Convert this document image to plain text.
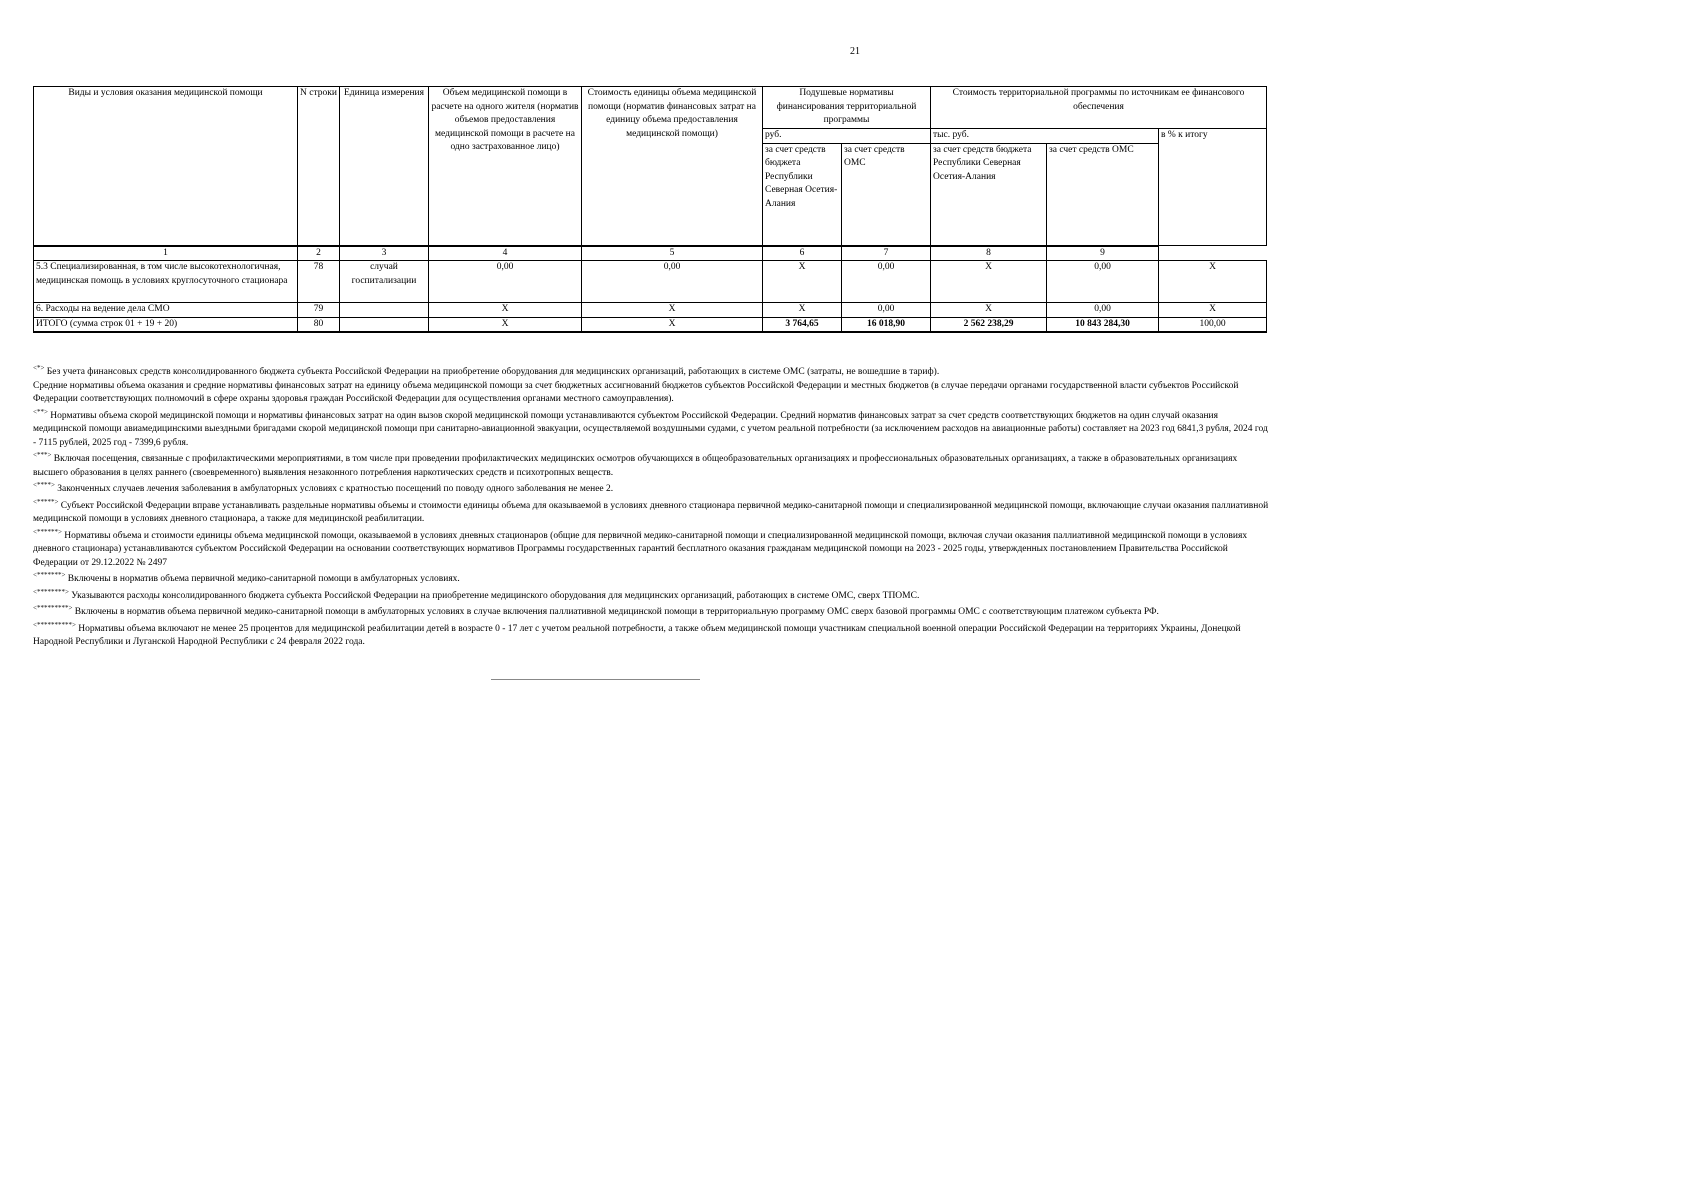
21
Виды и условия оказания медицинской помощи	N строки	Единица измерения	Объем медицинской помощи в расчете на одного жителя (норматив объемов предоставления медицинской помощи в расчете на одно застрахованное лицо)	Стоимость единицы объема медицинской помощи (норматив финансовых затрат на единицу объема предоставления медицинской помощи)	Подушевые нормативы финансирования территориальной программы		Стоимость территориальной программы по источникам ее финансового обеспечения		
					руб.		тыс. руб.		в % к итогу
					за счет средств бюджета Республики Северная Осетия-Алания	за счет средств ОМС	за счет средств бюджета Республики Северная Осетия-Алания	за счет средств ОМС	
1	2	3	4	5	6	7	8	9	
5.3 Специализированная, в том числе высокотехнологичная, медицинская помощь в условиях круглосуточного стационара	78	случай госпитализации	0,00	0,00	X	0,00	X	0,00	X
6. Расходы на ведение дела СМО	79		X	X	X	0,00	X	0,00	X
ИТОГО (сумма строк 01 + 19 + 20)	80		X	X	3 764,65	16 018,90	2 562 238,29	10 843 284,30	100,00

<*> Без учета финансовых средств консолидированного бюджета субъекта Российской Федерации на приобретение оборудования для медицинских организаций, работающих в системе ОМС (затраты, не вошедшие в тариф).

Средние нормативы объема оказания и средние нормативы финансовых затрат на единицу объема медицинской помощи за счет бюджетных ассигнований бюджетов субъектов Российской Федерации и местных бюджетов (в случае передачи органами государственной власти субъектов Российской Федерации соответствующих полномочий в сфере охраны здоровья граждан Российской Федерации для осуществления органами местного самоуправления).

<**> Нормативы объема скорой медицинской помощи и нормативы финансовых затрат на один вызов скорой медицинской помощи устанавливаются субъектом Российской Федерации. Средний норматив финансовых затрат за счет средств соответствующих бюджетов на один случай оказания медицинской помощи авиамедицинскими выездными бригадами скорой медицинской помощи при санитарно-авиационной эвакуации, осуществляемой воздушными судами, с учетом реальной потребности (за исключением расходов на авиационные работы) составляет на 2023 год 6841,3 рубля, 2024 год - 7115 рублей, 2025 год - 7399,6 рубля.

<***> Включая посещения, связанные с профилактическими мероприятиями, в том числе при проведении профилактических медицинских осмотров обучающихся в общеобразовательных организациях и профессиональных образовательных организациях, а также в образовательных организациях высшего образования в целях раннего (своевременного) выявления незаконного потребления наркотических средств и психотропных веществ.

<****> Законченных случаев лечения заболевания в амбулаторных условиях с кратностью посещений по поводу одного заболевания не менее 2.

<*****> Субъект Российской Федерации вправе устанавливать раздельные нормативы объемы и стоимости единицы объема для оказываемой в условиях дневного стационара первичной медико-санитарной помощи и специализированной медицинской помощи, включающие случаи оказания паллиативной медицинской помощи в условиях дневного стационара, а также для медицинской реабилитации.

<******> Нормативы объема и стоимости единицы объема медицинской помощи, оказываемой в условиях дневных стационаров (общие для первичной медико-санитарной помощи и специализированной медицинской помощи, включая случаи оказания паллиативной медицинской помощи в условиях дневного стационара) устанавливаются субъектом Российской Федерации на основании соответствующих нормативов Программы государственных гарантий бесплатного оказания гражданам медицинской помощи на 2023 - 2025 годы, утвержденных постановлением Правительства Российской Федерации от 29.12.2022 № 2497

<*******> Включены в норматив объема первичной медико-санитарной помощи в амбулаторных условиях.

<********> Указываются расходы консолидированного бюджета субъекта Российской Федерации на приобретение медицинского оборудования для медицинских организаций, работающих в системе ОМС, сверх ТПОМС.

<*********> Включены в норматив объема первичной медико-санитарной помощи в амбулаторных условиях в случае включения паллиативной медицинской помощи в территориальную программу ОМС сверх базовой программы ОМС с соответствующим платежом субъекта РФ.

<**********> Нормативы объема включают не менее 25 процентов для медицинской реабилитации детей в возрасте 0 - 17 лет с учетом реальной потребности, а также объем медицинской помощи участникам специальной военной операции Российской Федерации на территориях Украины, Донецкой Народной Республики и Луганской Народной Республики с 24 февраля 2022 года.
